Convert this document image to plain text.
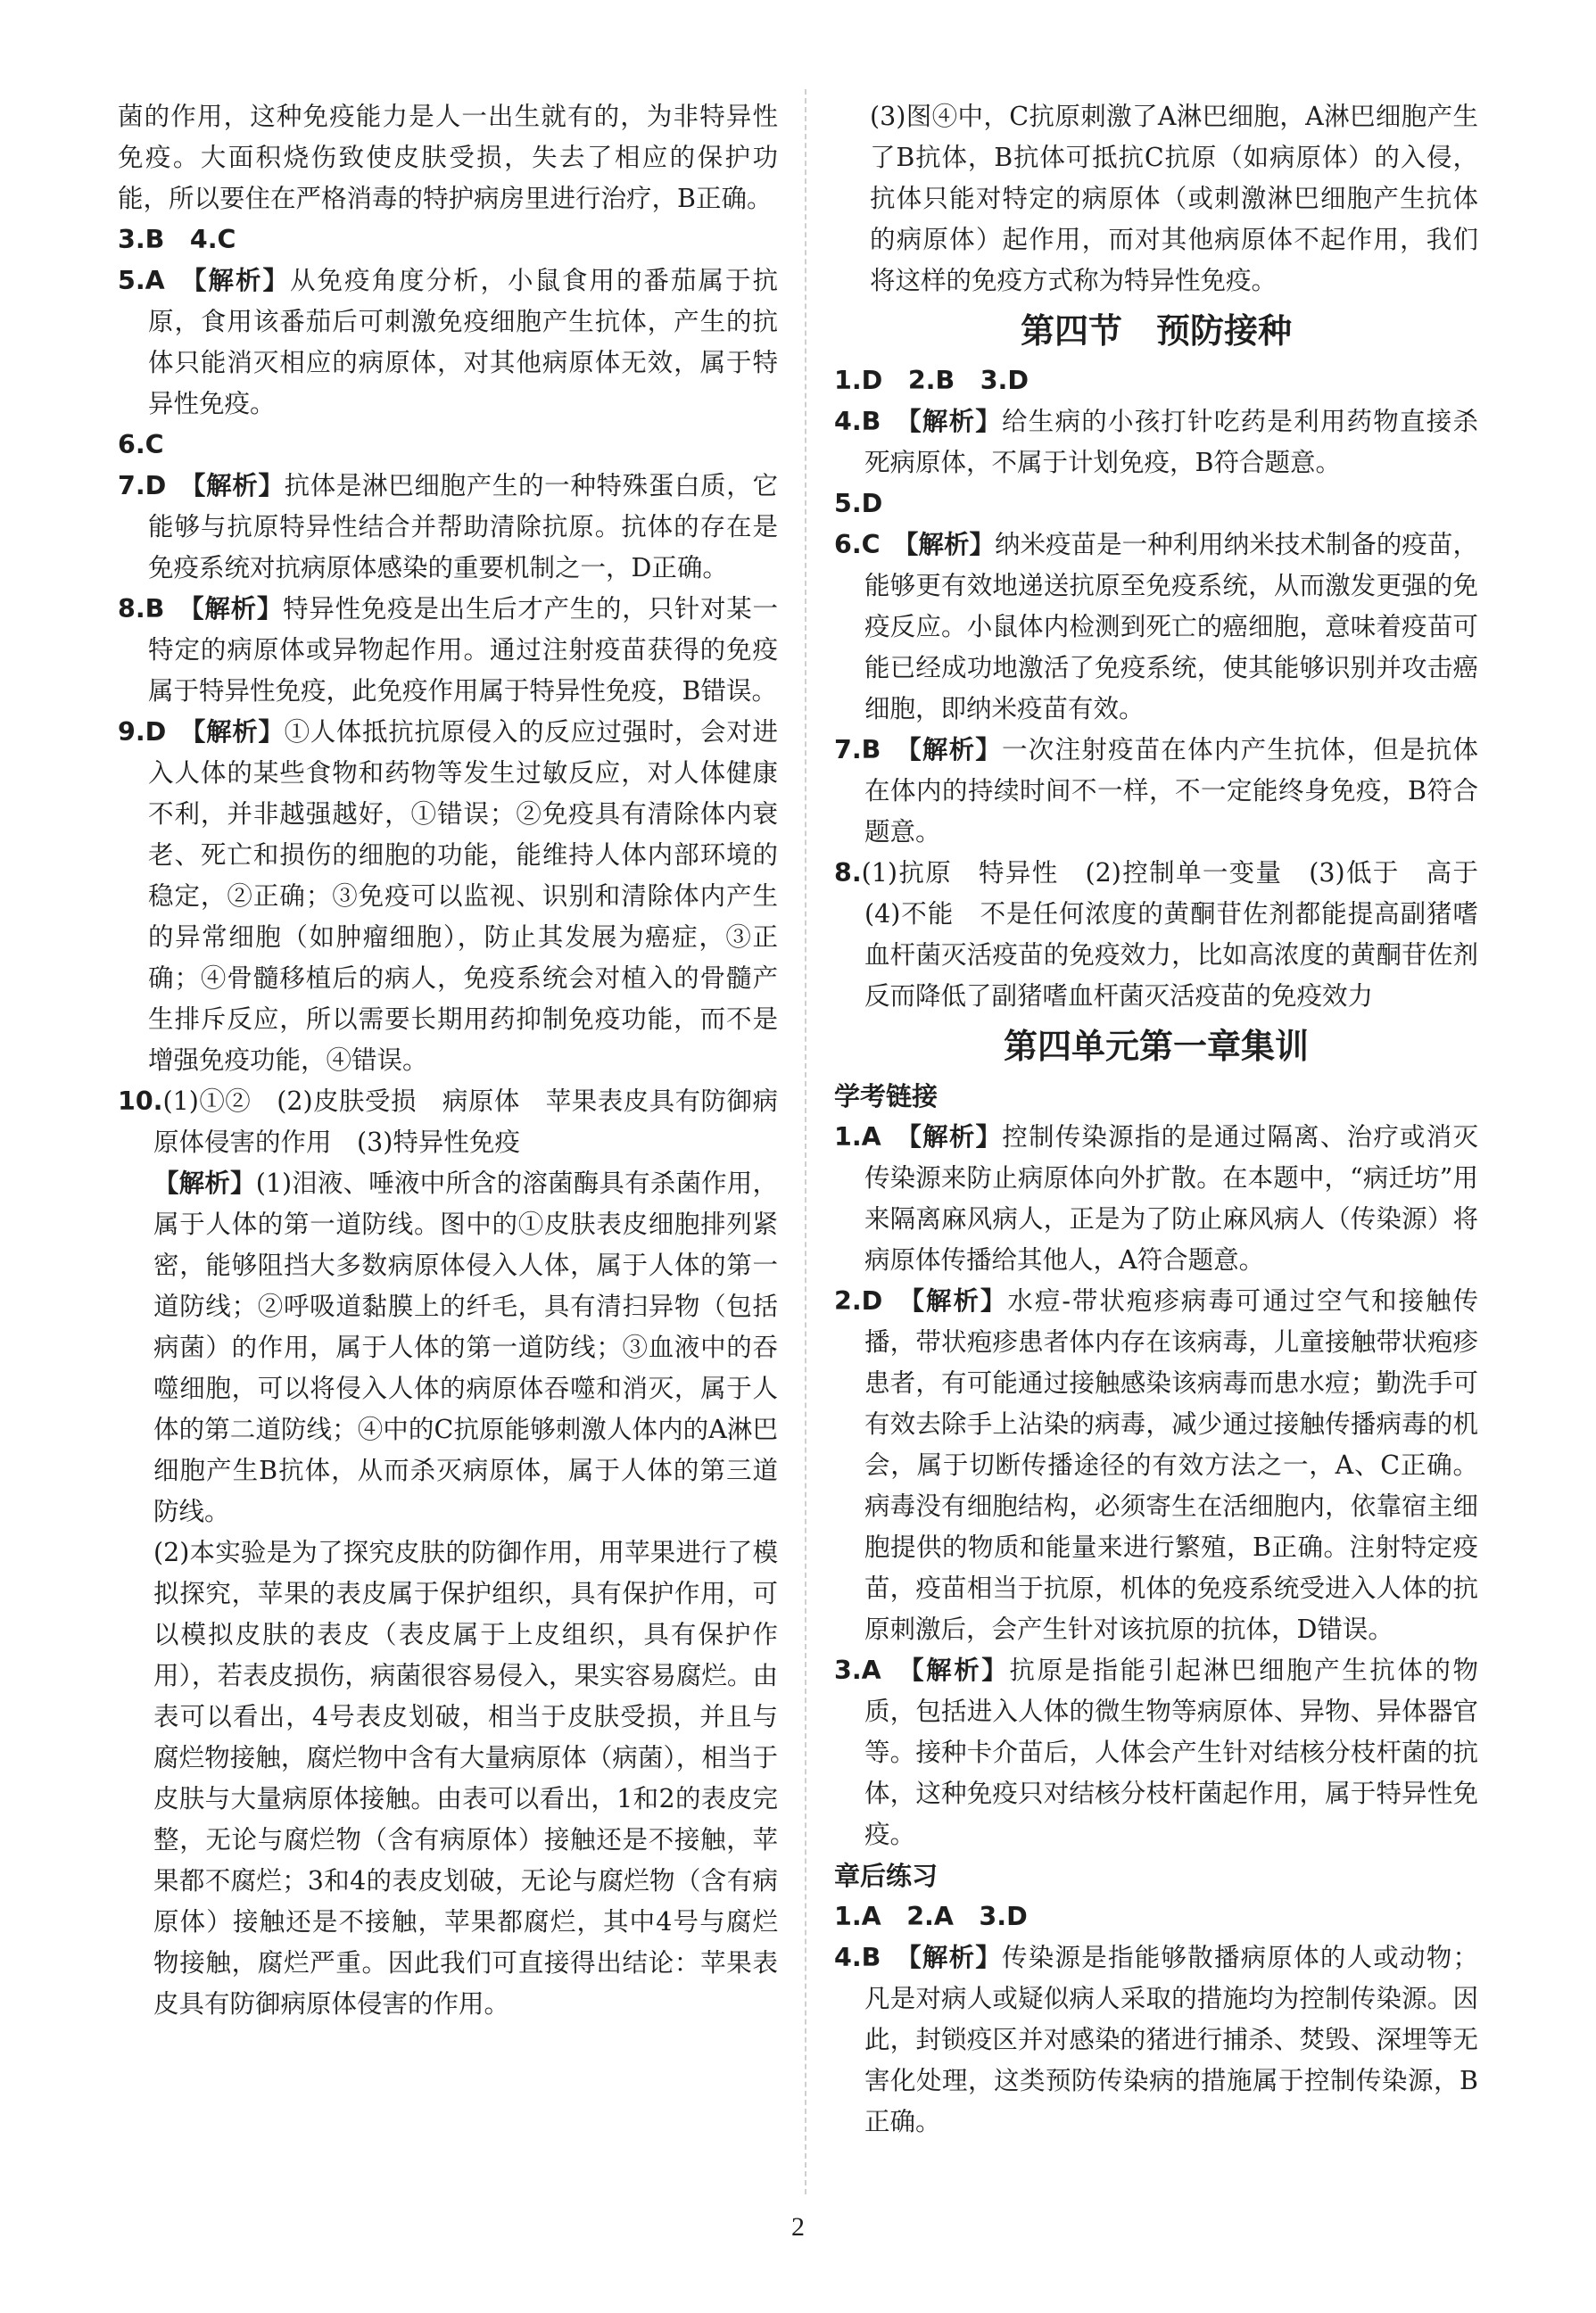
菌的作用，这种免疫能力是人一出生就有的，为非特异性免疫。大面积烧伤致使皮肤受损，失去了相应的保护功能，所以要住在严格消毒的特护病房里进行治疗，B正确。

3.B　4.C

5.A　 【解析】从免疫角度分析，小鼠食用的番茄属于抗原，食用该番茄后可刺激免疫细胞产生抗体，产生的抗体只能消灭相应的病原体，对其他病原体无效，属于特异性免疫。

6.C

7.D　 【解析】抗体是淋巴细胞产生的一种特殊蛋白质，它能够与抗原特异性结合并帮助清除抗原。抗体的存在是免疫系统对抗病原体感染的重要机制之一，D正确。

8.B　 【解析】特异性免疫是出生后才产生的，只针对某一特定的病原体或异物起作用。通过注射疫苗获得的免疫属于特异性免疫，此免疫作用属于特异性免疫，B错误。

9.D　 【解析】①人体抵抗抗原侵入的反应过强时，会对进入人体的某些食物和药物等发生过敏反应，对人体健康不利，并非越强越好，①错误；②免疫具有清除体内衰老、死亡和损伤的细胞的功能，能维持人体内部环境的稳定，②正确；③免疫可以监视、识别和清除体内产生的异常细胞（如肿瘤细胞），防止其发展为癌症，③正确；④骨髓移植后的病人，免疫系统会对植入的骨髓产生排斥反应，所以需要长期用药抑制免疫功能，而不是增强免疫功能，④错误。

10.(1)①②　(2)皮肤受损　病原体　苹果表皮具有防御病原体侵害的作用　(3)特异性免疫

【解析】(1)泪液、唾液中所含的溶菌酶具有杀菌作用，属于人体的第一道防线。图中的①皮肤表皮细胞排列紧密，能够阻挡大多数病原体侵入人体，属于人体的第一道防线；②呼吸道黏膜上的纤毛，具有清扫异物（包括病菌）的作用，属于人体的第一道防线；③血液中的吞噬细胞，可以将侵入人体的病原体吞噬和消灭，属于人体的第二道防线；④中的C抗原能够刺激人体内的A淋巴细胞产生B抗体，从而杀灭病原体，属于人体的第三道防线。

(2)本实验是为了探究皮肤的防御作用，用苹果进行了模拟探究，苹果的表皮属于保护组织，具有保护作用，可以模拟皮肤的表皮（表皮属于上皮组织，具有保护作用），若表皮损伤，病菌很容易侵入，果实容易腐烂。由表可以看出，4号表皮划破，相当于皮肤受损，并且与腐烂物接触，腐烂物中含有大量病原体（病菌），相当于皮肤与大量病原体接触。由表可以看出，1和2的表皮完整，无论与腐烂物（含有病原体）接触还是不接触，苹果都不腐烂；3和4的表皮划破，无论与腐烂物（含有病原体）接触还是不接触，苹果都腐烂，其中4号与腐烂物接触，腐烂严重。因此我们可直接得出结论：苹果表皮具有防御病原体侵害的作用。

(3)图④中，C抗原刺激了A淋巴细胞，A淋巴细胞产生了B抗体，B抗体可抵抗C抗原（如病原体）的入侵，抗体只能对特定的病原体（或刺激淋巴细胞产生抗体的病原体）起作用，而对其他病原体不起作用，我们将这样的免疫方式称为特异性免疫。

第四节　预防接种

1.D　2.B　3.D

4.B　 【解析】给生病的小孩打针吃药是利用药物直接杀死病原体，不属于计划免疫，B符合题意。

5.D

6.C　 【解析】纳米疫苗是一种利用纳米技术制备的疫苗，能够更有效地递送抗原至免疫系统，从而激发更强的免疫反应。小鼠体内检测到死亡的癌细胞，意味着疫苗可能已经成功地激活了免疫系统，使其能够识别并攻击癌细胞，即纳米疫苗有效。

7.B　 【解析】一次注射疫苗在体内产生抗体，但是抗体在体内的持续时间不一样，不一定能终身免疫，B符合题意。

8.(1)抗原　特异性　(2)控制单一变量　(3)低于　高于　(4)不能　不是任何浓度的黄酮苷佐剂都能提高副猪嗜血杆菌灭活疫苗的免疫效力，比如高浓度的黄酮苷佐剂反而降低了副猪嗜血杆菌灭活疫苗的免疫效力

第四单元第一章集训
学考链接

1.A　 【解析】控制传染源指的是通过隔离、治疗或消灭传染源来防止病原体向外扩散。在本题中，“病迁坊”用来隔离麻风病人，正是为了防止麻风病人（传染源）将病原体传播给其他人，A符合题意。

2.D　 【解析】水痘-带状疱疹病毒可通过空气和接触传播，带状疱疹患者体内存在该病毒，儿童接触带状疱疹患者，有可能通过接触感染该病毒而患水痘；勤洗手可有效去除手上沾染的病毒，减少通过接触传播病毒的机会，属于切断传播途径的有效方法之一，A、C正确。病毒没有细胞结构，必须寄生在活细胞内，依靠宿主细胞提供的物质和能量来进行繁殖，B正确。注射特定疫苗，疫苗相当于抗原，机体的免疫系统受进入人体的抗原刺激后，会产生针对该抗原的抗体，D错误。

3.A　 【解析】抗原是指能引起淋巴细胞产生抗体的物质，包括进入人体的微生物等病原体、异物、异体器官等。接种卡介苗后，人体会产生针对结核分枝杆菌的抗体，这种免疫只对结核分枝杆菌起作用，属于特异性免疫。

章后练习

1.A　2.A　3.D

4.B　 【解析】传染源是指能够散播病原体的人或动物；凡是对病人或疑似病人采取的措施均为控制传染源。因此，封锁疫区并对感染的猪进行捕杀、焚毁、深埋等无害化处理，这类预防传染病的措施属于控制传染源，B正确。

2
